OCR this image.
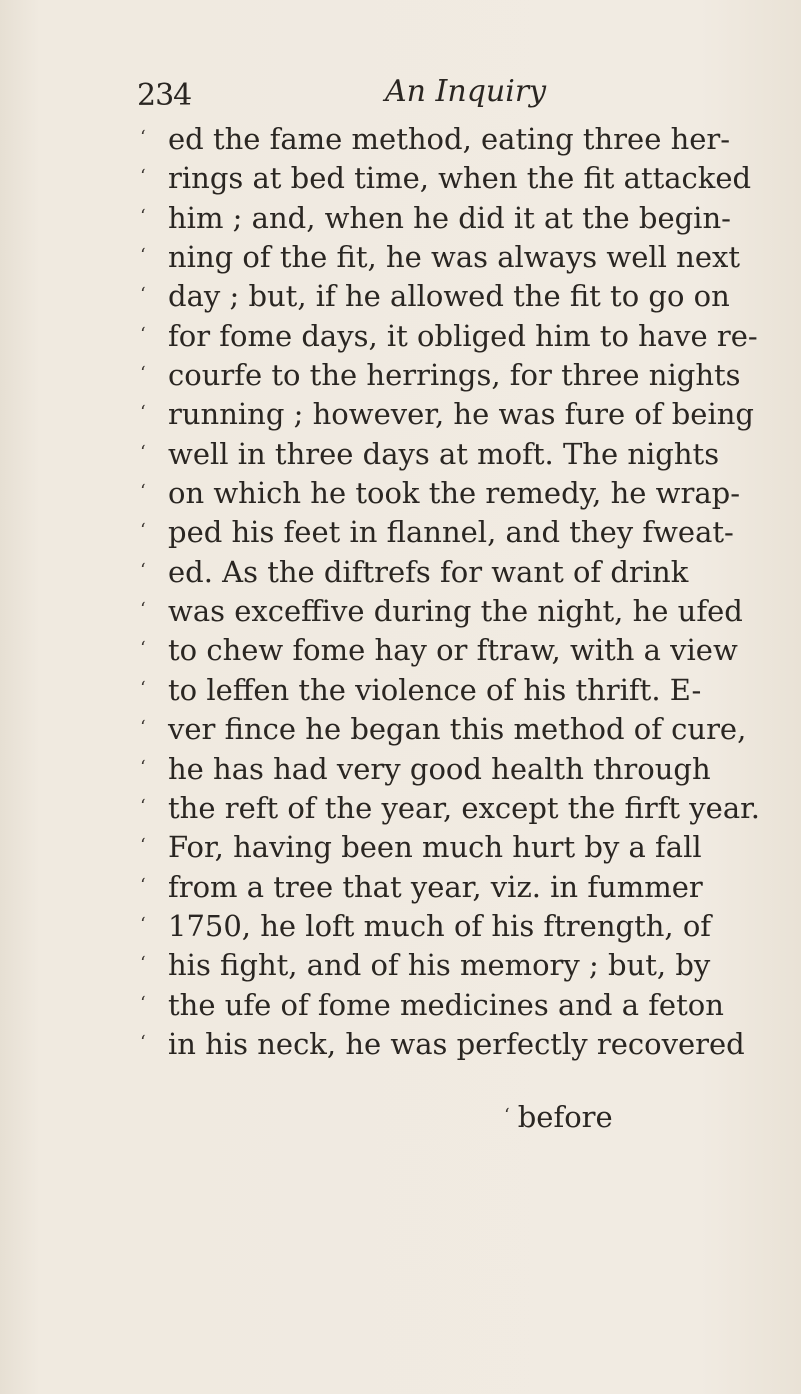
234	An Inquiry
‘ ed the fame method, eating three her-
‘ rings at bed time, when the fit attacked
‘ him ; and, when he did it at the begin-
‘ ning of the fit, he was always well next
‘ day ; but, if he allowed the fit to go on
‘ for fome days, it obliged him to have re-
‘ courfe to the herrings, for three nights
‘ running ; however, he was fure of being
‘ well in three days at moft. The nights
‘ on which he took the remedy, he wrap-
‘ ped his feet in flannel, and they fweat-
‘ ed. As the diftrefs for want of drink
‘ was exceffive during the night, he ufed
‘ to chew fome hay or ftraw, with a view
‘ to leffen the violence of his thrift. E-
‘ ver fince he began this method of cure,
‘ he has had very good health through
‘ the reft of the year, except the firft year.
‘ For, having been much hurt by a fall
‘ from a tree that year, viz. in fummer
‘ 1750, he loft much of his ftrength, of
‘ his fight, and of his memory ; but, by
‘ the ufe of fome medicines and a feton
‘ in his neck, he was perfectly recovered
‘ before
